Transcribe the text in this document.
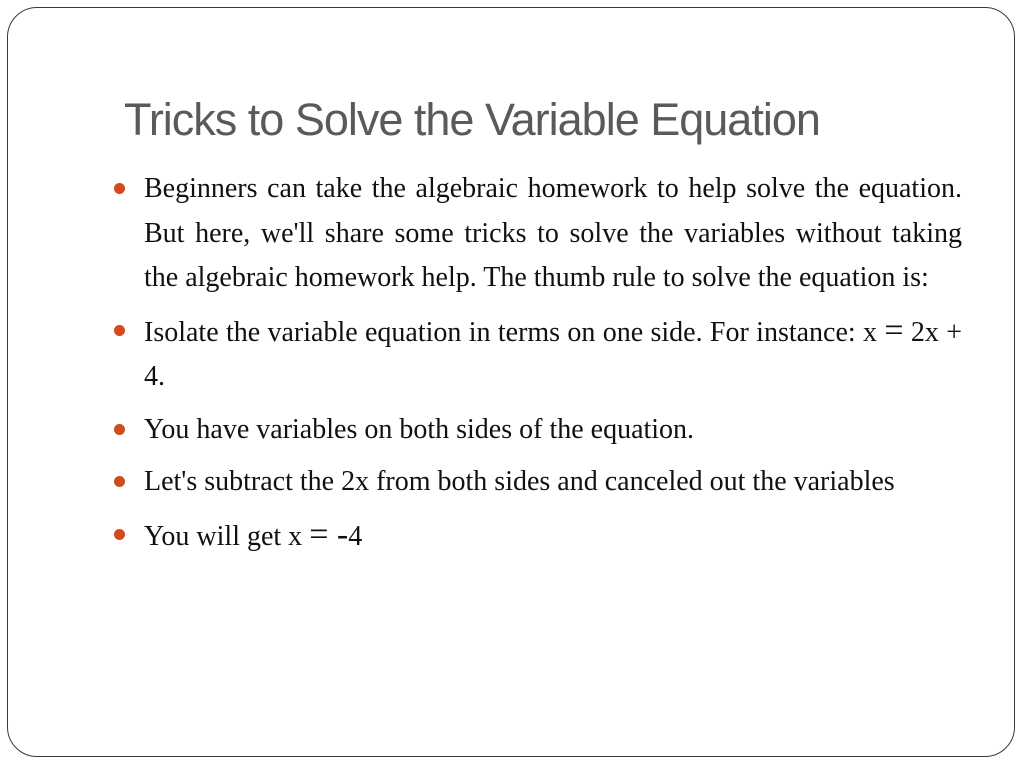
Tricks to Solve the Variable Equation
Beginners can take the algebraic homework to help solve the equation. But here, we'll share some tricks to solve the variables without taking the algebraic homework help. The thumb rule to solve the equation is:
Isolate the variable equation in terms on one side. For instance: x = 2x + 4.
You have variables on both sides of the equation.
Let's subtract the 2x from both sides and canceled out the variables
You will get x = -4
